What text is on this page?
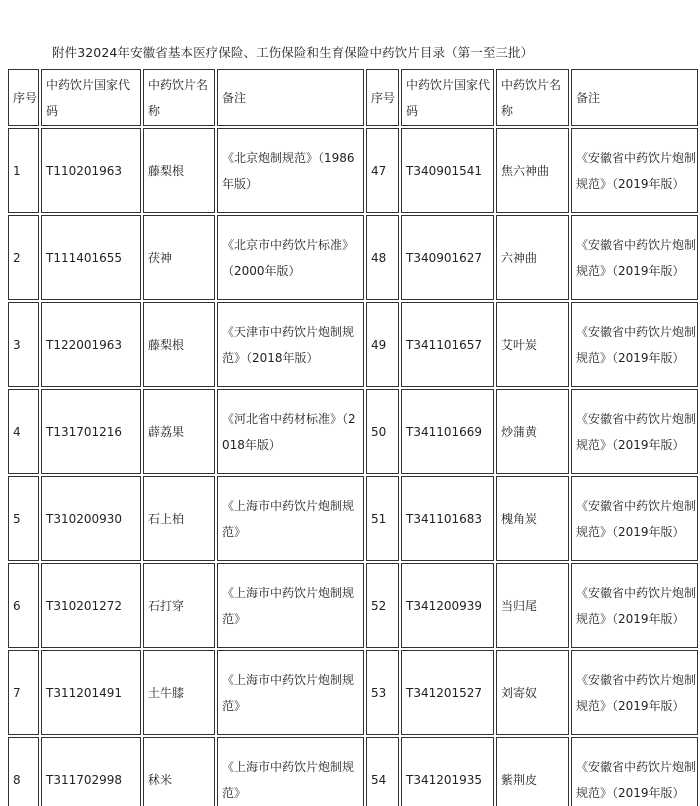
附件32024年安徽省基本医疗保险、工伤保险和生育保险中药饮片目录（第一至三批）
序号	中药饮片国家代码	中药饮片名称	备注	序号	中药饮片国家代码	中药饮片名称	备注

1	T110201963	藤梨根	《北京炮制规范》（1986年版）	47	T340901541	焦六神曲	《安徽省中药饮片炮制规范》（2019年版）

2	T111401655	茯神	《北京市中药饮片标准》（2000年版）	48	T340901627	六神曲	《安徽省中药饮片炮制规范》（2019年版）

3	T122001963	藤梨根	《天津市中药饮片炮制规范》（2018年版）	49	T341101657	艾叶炭	《安徽省中药饮片炮制规范》（2019年版）

4	T131701216	薜荔果	《河北省中药材标准》（2018年版）	50	T341101669	炒蒲黄	《安徽省中药饮片炮制规范》（2019年版）

5	T310200930	石上柏	《上海市中药饮片炮制规范》	51	T341101683	槐角炭	《安徽省中药饮片炮制规范》（2019年版）

6	T310201272	石打穿	《上海市中药饮片炮制规范》	52	T341200939	当归尾	《安徽省中药饮片炮制规范》（2019年版）

7	T311201491	土牛膝	《上海市中药饮片炮制规范》	53	T341201527	刘寄奴	《安徽省中药饮片炮制规范》（2019年版）

8	T311702998	秫米	《上海市中药饮片炮制规范》	54	T341201935	紫荆皮	《安徽省中药饮片炮制规范》（2019年版）
